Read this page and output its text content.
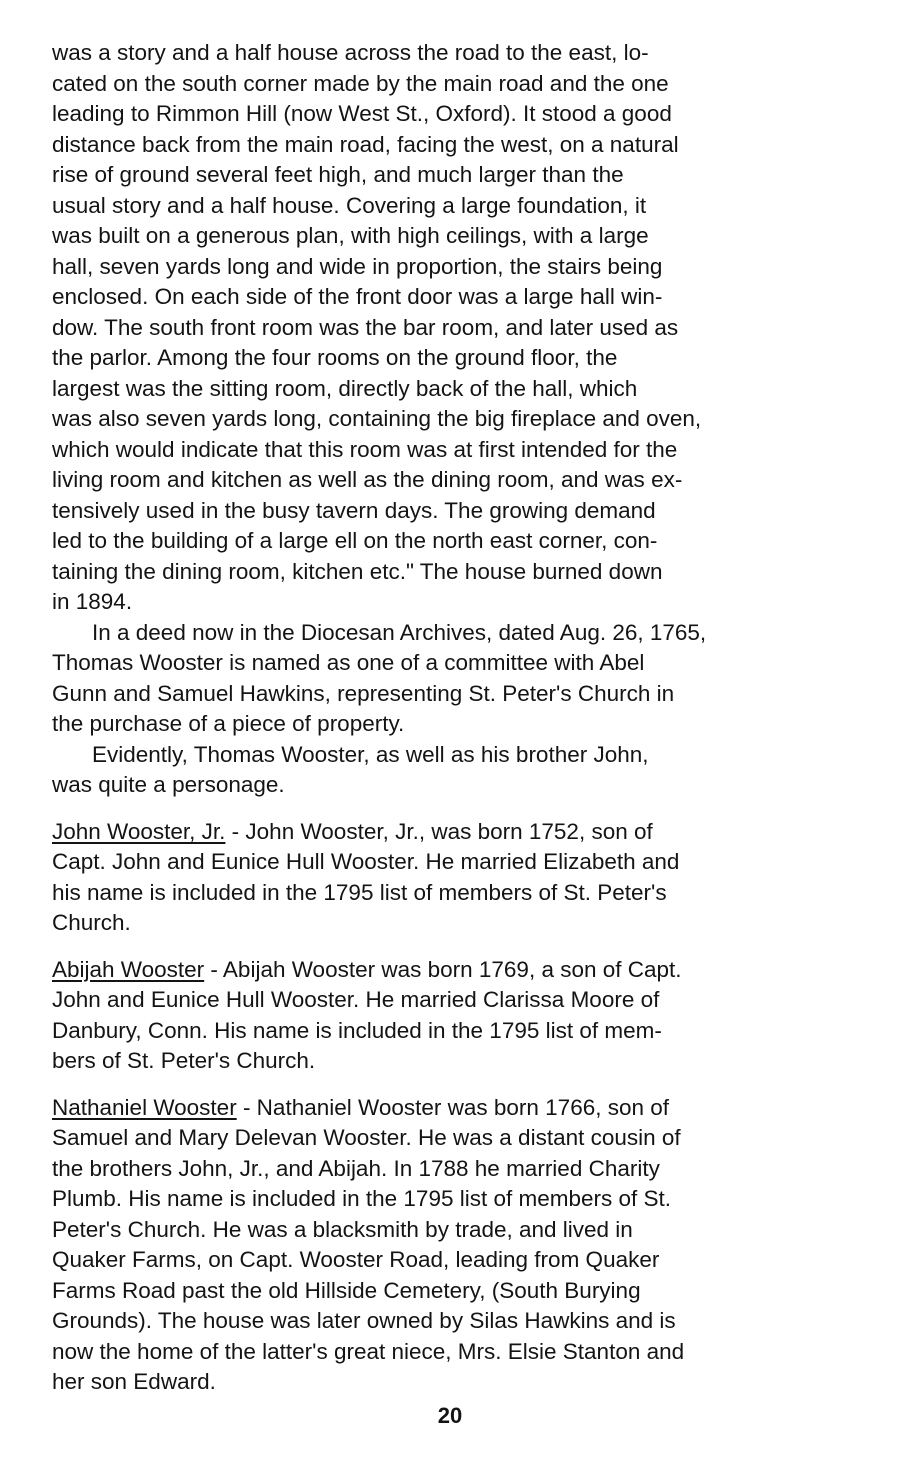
was a story and a half house across the road to the east, lo-
cated on the south corner made by the main road and the one
leading to Rimmon Hill (now West St., Oxford). It stood a good
distance back from the main road, facing the west, on a natural
rise of ground several feet high, and much larger than the
usual story and a half house. Covering a large foundation, it
was built on a generous plan, with high ceilings, with a large
hall, seven yards long and wide in proportion, the stairs being
enclosed. On each side of the front door was a large hall win-
dow. The south front room was the bar room, and later used as
the parlor. Among the four rooms on the ground floor, the
largest was the sitting room, directly back of the hall, which
was also seven yards long, containing the big fireplace and oven,
which would indicate that this room was at first intended for the
living room and kitchen as well as the dining room, and was ex-
tensively used in the busy tavern days. The growing demand
led to the building of a large ell on the north east corner, con-
taining the dining room, kitchen etc." The house burned down
in 1894.

In a deed now in the Diocesan Archives, dated Aug. 26, 1765,
Thomas Wooster is named as one of a committee with Abel
Gunn and Samuel Hawkins, representing St. Peter's Church in
the purchase of a piece of property.

Evidently, Thomas Wooster, as well as his brother John,
was quite a personage.

John Wooster, Jr. - John Wooster, Jr., was born 1752, son of
Capt. John and Eunice Hull Wooster. He married Elizabeth and
his name is included in the 1795 list of members of St. Peter's
Church.

Abijah Wooster - Abijah Wooster was born 1769, a son of Capt.
John and Eunice Hull Wooster. He married Clarissa Moore of
Danbury, Conn. His name is included in the 1795 list of mem-
bers of St. Peter's Church.

Nathaniel Wooster - Nathaniel Wooster was born 1766, son of
Samuel and Mary Delevan Wooster. He was a distant cousin of
the brothers John, Jr., and Abijah. In 1788 he married Charity
Plumb. His name is included in the 1795 list of members of St.
Peter's Church. He was a blacksmith by trade, and lived in
Quaker Farms, on Capt. Wooster Road, leading from Quaker
Farms Road past the old Hillside Cemetery, (South Burying
Grounds). The house was later owned by Silas Hawkins and is
now the home of the latter's great niece, Mrs. Elsie Stanton and
her son Edward.

20
